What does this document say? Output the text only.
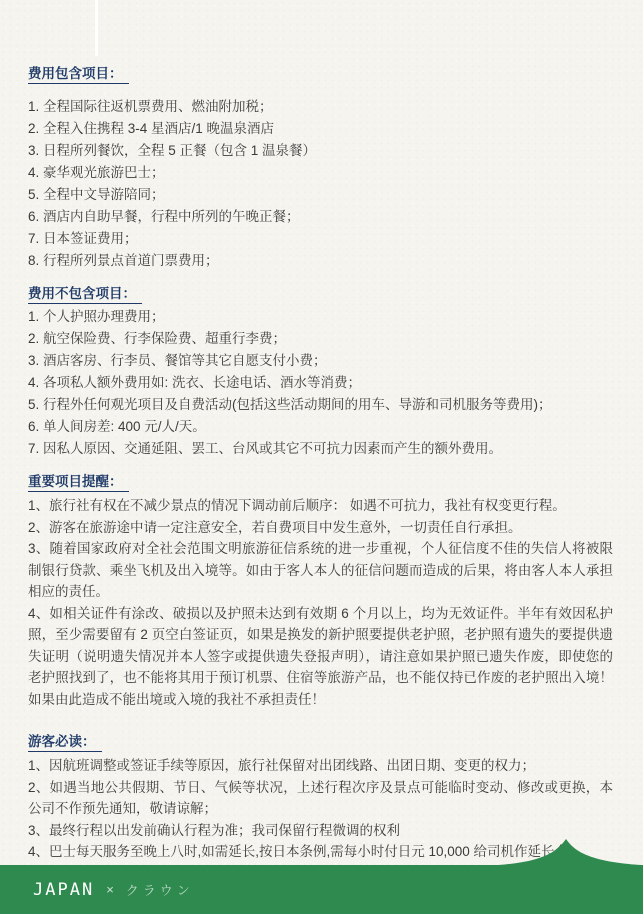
费用包含项目：

1. 全程国际往返机票费用、燃油附加税；

2. 全程入住携程 3-4 星酒店/1 晚温泉酒店

3. 日程所列餐饮，全程 5 正餐（包含 1 温泉餐）

4. 豪华观光旅游巴士；

5. 全程中文导游陪同；

6. 酒店内自助早餐，行程中所列的午晚正餐；

7. 日本签证费用；

8. 行程所列景点首道门票费用；

费用不包含项目：

1. 个人护照办理费用；

2. 航空保险费、行李保险费、超重行李费；

3. 酒店客房、行李员、餐馆等其它自愿支付小费；

4. 各项私人额外费用如: 洗衣、长途电话、酒水等消费；

5. 行程外任何观光项目及自费活动(包括这些活动期间的用车、导游和司机服务等费用)；

6. 单人间房差: 400 元/人/天。

7. 因私人原因、交通延阻、罢工、台风或其它不可抗力因素而产生的额外费用。

重要项目提醒：

1、旅行社有权在不减少景点的情况下调动前后顺序： 如遇不可抗力，我社有权变更行程。

2、游客在旅游途中请一定注意安全，若自费项目中发生意外，一切责任自行承担。

3、随着国家政府对全社会范围文明旅游征信系统的进一步重视，个人征信度不佳的失信人将被限制银行贷款、乘坐飞机及出入境等。如由于客人本人的征信问题而造成的后果，将由客人本人承担相应的责任。

4、如相关证件有涂改、破损以及护照未达到有效期 6 个月以上，均为无效证件。半年有效因私护照，至少需要留有 2 页空白签证页，如果是换发的新护照要提供老护照，老护照有遗失的要提供遗失证明（说明遗失情况并本人签字或提供遗失登报声明），请注意如果护照已遗失作废，即使您的老护照找到了，也不能将其用于预订机票、住宿等旅游产品，也不能仅持已作废的老护照出入境！如果由此造成不能出境或入境的我社不承担责任！

游客必读：

1、因航班调整或签证手续等原因，旅行社保留对出团线路、出团日期、变更的权力；

2、如遇当地公共假期、节日、气候等状况，上述行程次序及景点可能临时变动、修改或更换，本公司不作预先通知，敬请谅解；

3、最终行程以出发前确认行程为准；我司保留行程微调的权利

4、巴士每天服务至晚上八时,如需延长,按日本条例,需每小时付日元 10,000 给司机作延长金；

JAPAN × クラウン
